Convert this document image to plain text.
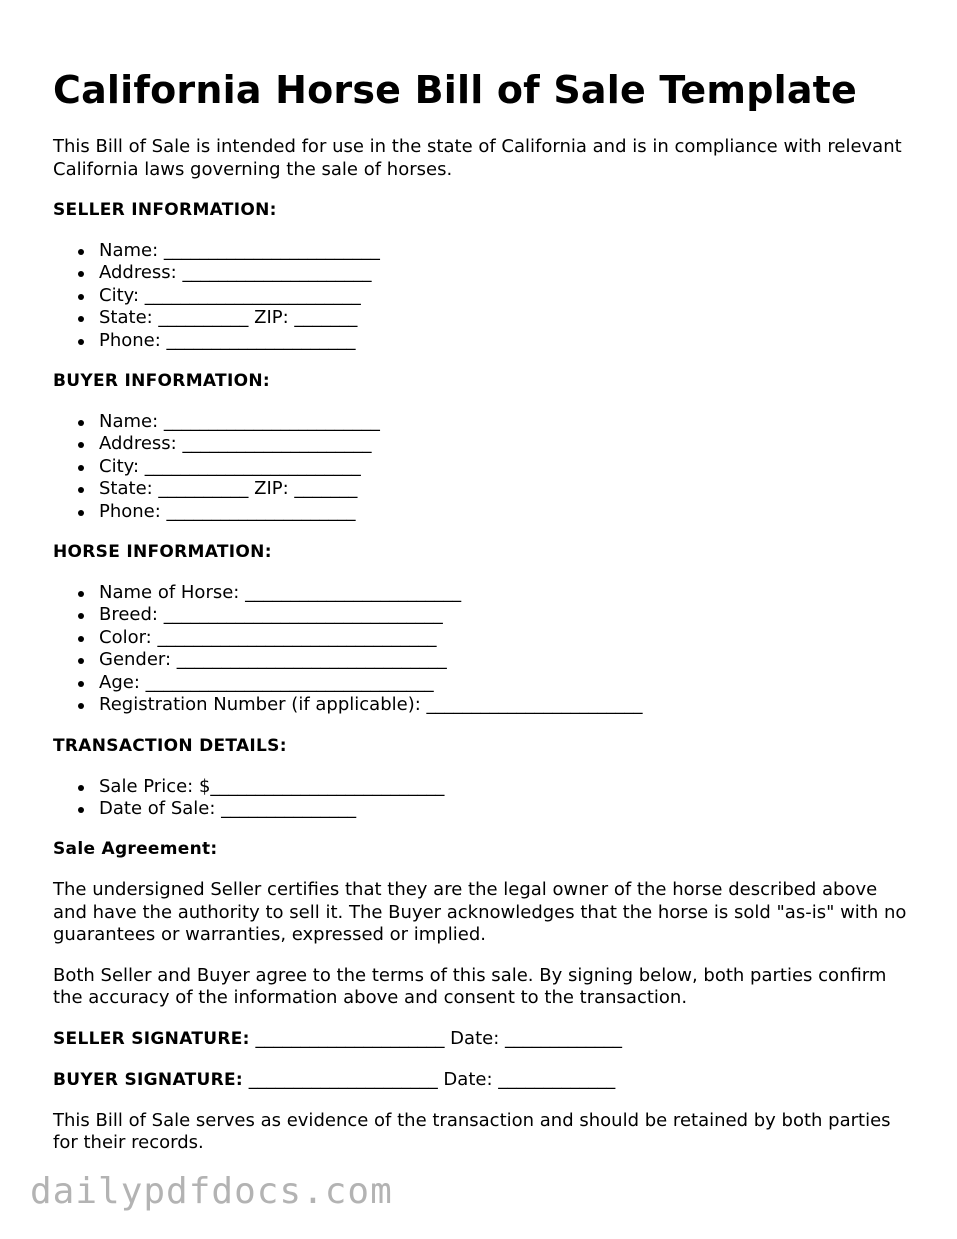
California Horse Bill of Sale Template

This Bill of Sale is intended for use in the state of California and is in compliance with relevant California laws governing the sale of horses.

SELLER INFORMATION:
Name: ________________________
Address: _____________________
City: ________________________
State: __________ ZIP: _______
Phone: _____________________
BUYER INFORMATION:
Name: ________________________
Address: _____________________
City: ________________________
State: __________ ZIP: _______
Phone: _____________________
HORSE INFORMATION:
Name of Horse: ________________________
Breed: _______________________________
Color: _______________________________
Gender: ______________________________
Age: ________________________________
Registration Number (if applicable): ________________________
TRANSACTION DETAILS:
Sale Price: $__________________________
Date of Sale: _______________
Sale Agreement:

The undersigned Seller certifies that they are the legal owner of the horse described above and have the authority to sell it. The Buyer acknowledges that the horse is sold "as-is" with no guarantees or warranties, expressed or implied.

Both Seller and Buyer agree to the terms of this sale. By signing below, both parties confirm the accuracy of the information above and consent to the transaction.

SELLER SIGNATURE: _____________________ Date: _____________
BUYER SIGNATURE: _____________________ Date: _____________

This Bill of Sale serves as evidence of the transaction and should be retained by both parties for their records.

dailypdfdocs.com
